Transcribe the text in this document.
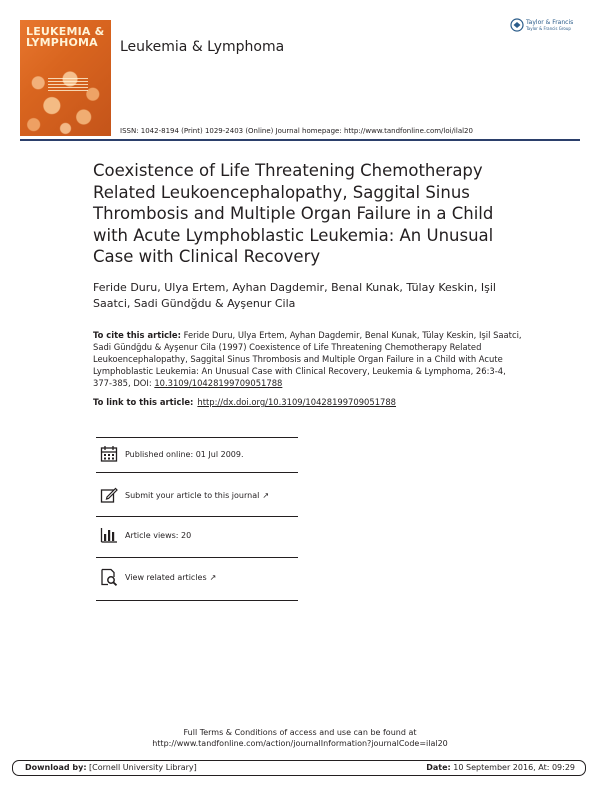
LEUKEMIA &
LYMPHOMA	Leukemia & Lymphoma
Taylor & Francis
Taylor & Francis Group
ISSN: 1042-8194 (Print) 1029-2403 (Online) Journal homepage: http://www.tandfonline.com/loi/ilal20
Coexistence of Life Threatening Chemotherapy Related Leukoencephalopathy, Saggital Sinus Thrombosis and Multiple Organ Failure in a Child with Acute Lymphoblastic Leukemia: An Unusual Case with Clinical Recovery
Feride Duru, Ulya Ertem, Ayhan Dagdemir, Benal Kunak, Tülay Keskin, Işil Saatci, Sadi Gündğdu & Ayşenur Cila
To cite this article: Feride Duru, Ulya Ertem, Ayhan Dagdemir, Benal Kunak, Tülay Keskin, Işil Saatci, Sadi Gündğdu & Ayşenur Cila (1997) Coexistence of Life Threatening Chemotherapy Related Leukoencephalopathy, Saggital Sinus Thrombosis and Multiple Organ Failure in a Child with Acute Lymphoblastic Leukemia: An Unusual Case with Clinical Recovery, Leukemia & Lymphoma, 26:3-4, 377-385, DOI: 10.3109/10428199709051788
To link to this article: http://dx.doi.org/10.3109/10428199709051788
Published online: 01 Jul 2009.
Submit your article to this journal ↗
Article views: 20
View related articles ↗
Full Terms & Conditions of access and use can be found at
http://www.tandfonline.com/action/journalInformation?journalCode=ilal20
Download by: [Cornell University Library]	Date: 10 September 2016, At: 09:29
